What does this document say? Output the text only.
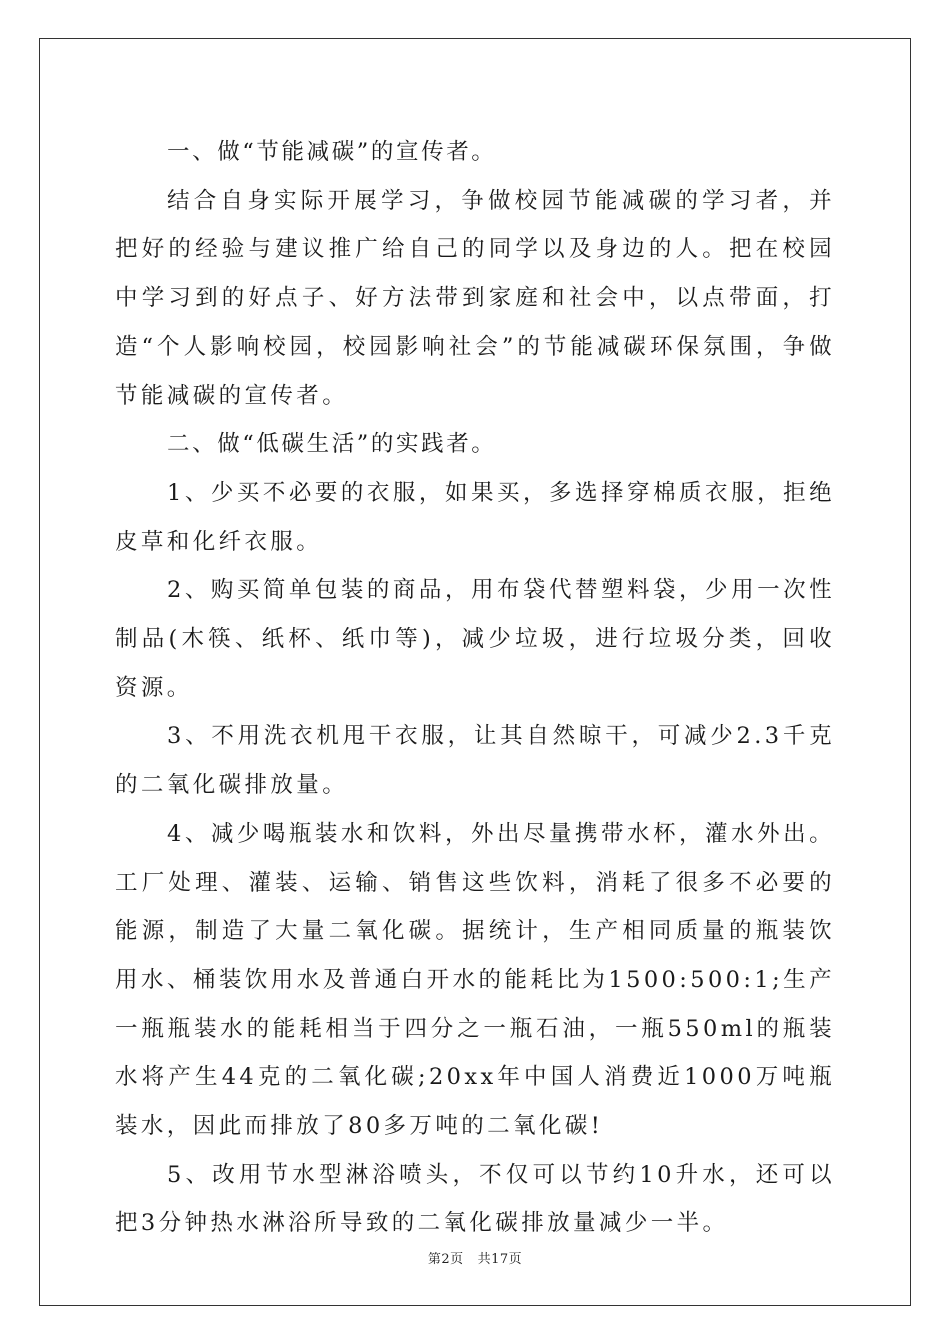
一、做“节能减碳”的宣传者。

结合自身实际开展学习，争做校园节能减碳的学习者，并把好的经验与建议推广给自己的同学以及身边的人。把在校园中学习到的好点子、好方法带到家庭和社会中，以点带面，打造“个人影响校园，校园影响社会”的节能减碳环保氛围，争做节能减碳的宣传者。

二、做“低碳生活”的实践者。

1、少买不必要的衣服，如果买，多选择穿棉质衣服，拒绝皮草和化纤衣服。

2、购买简单包装的商品，用布袋代替塑料袋，少用一次性制品(木筷、纸杯、纸巾等)，减少垃圾，进行垃圾分类，回收资源。

3、不用洗衣机甩干衣服，让其自然晾干，可减少2.3千克的二氧化碳排放量。

4、减少喝瓶装水和饮料，外出尽量携带水杯，灌水外出。工厂处理、灌装、运输、销售这些饮料，消耗了很多不必要的能源，制造了大量二氧化碳。据统计，生产相同质量的瓶装饮用水、桶装饮用水及普通白开水的能耗比为1500:500:1;生产一瓶瓶装水的能耗相当于四分之一瓶石油，一瓶550ml的瓶装水将产生44克的二氧化碳;20xx年中国人消费近1000万吨瓶装水，因此而排放了80多万吨的二氧化碳!

5、改用节水型淋浴喷头，不仅可以节约10升水，还可以把3分钟热水淋浴所导致的二氧化碳排放量减少一半。

第2页 共17页
